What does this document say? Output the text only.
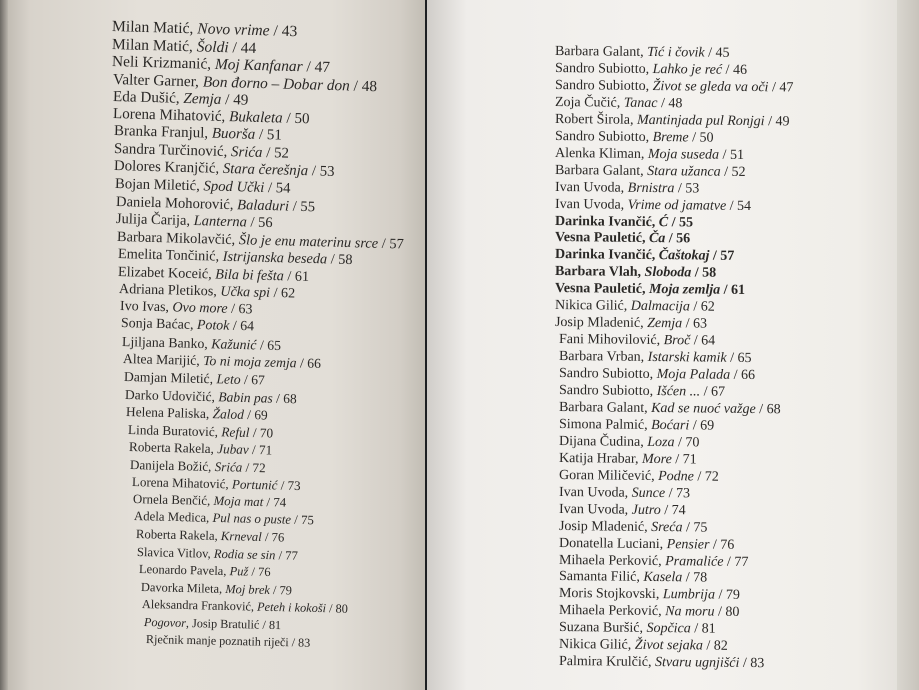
Milan Matić, Novo vrime / 43
Milan Matić, Šoldi / 44
Neli Krizmanić, Moj Kanfanar / 47
Valter Garner, Bon đorno – Dobar don / 48
Eda Dušić, Zemja / 49
Lorena Mihatović, Bukaleta / 50
Branka Franjul, Buorša / 51
Sandra Turčinović, Srića / 52
Dolores Kranjčić, Stara čerešnja / 53
Bojan Miletić, Spod Učki / 54
Daniela Mohorović, Baladuri / 55
Julija Čarija, Lanterna / 56
Barbara Mikolavčić, Šlo je enu materinu srce / 57
Emelita Tončinić, Istrijanska beseda / 58
Elizabet Koceić, Bila bi fešta / 61
Adriana Pletikos, Učka spi / 62
Ivo Ivas, Ovo more / 63
Sonja Baćac, Potok / 64
Ljiljana Banko, Kažunić / 65
Altea Marijić, To ni moja zemja / 66
Damjan Miletić, Leto / 67
Darko Udovičić, Babin pas / 68
Helena Paliska, Žalod / 69
Linda Buratović, Reful / 70
Roberta Rakela, Jubav / 71
Danijela Božić, Srića / 72
Lorena Mihatović, Portunić / 73
Ornela Benčić, Moja mat / 74
Adela Medica, Pul nas o puste / 75
Roberta Rakela, Krneval / 76
Slavica Vitlov, Rodia se sin / 77
Leonardo Pavela, Puž / 76
Davorka Mileta, Moj brek / 79
Aleksandra Franković, Peteh i kokoši / 80
Pogovor, Josip Bratulić / 81
Rječnik manje poznatih riječi / 83
Barbara Galant, Tić i čovik / 45
Sandro Subiotto, Lahko je reć / 46
Sandro Subiotto, Život se gleda va oči / 47
Zoja Čučić, Tanac / 48
Robert Širola, Mantinjada pul Ronjgi / 49
Sandro Subiotto, Breme / 50
Alenka Kliman, Moja suseda / 51
Barbara Galant, Stara užanca / 52
Ivan Uvoda, Brnistra / 53
Ivan Uvoda, Vrime od jamatve / 54
Darinka Ivančić, Ć / 55
Vesna Pauletić, Ča / 56
Darinka Ivančić, Čaštokaj / 57
Barbara Vlah, Sloboda / 58
Vesna Pauletić, Moja zemlja / 61
Nikica Gilić, Dalmacija / 62
Josip Mladenić, Zemja / 63
Fani Mihovilović, Broč / 64
Barbara Vrban, Istarski kamik / 65
Sandro Subiotto, Moja Palada / 66
Sandro Subiotto, Išćen ... / 67
Barbara Galant, Kad se nuoć važge / 68
Simona Palmić, Boćari / 69
Dijana Čudina, Loza / 70
Katija Hrabar, More / 71
Goran Miličević, Podne / 72
Ivan Uvoda, Sunce / 73
Ivan Uvoda, Jutro / 74
Josip Mladenić, Sreća / 75
Donatella Luciani, Pensier / 76
Mihaela Perković, Pramaliće / 77
Samanta Filić, Kasela / 78
Moris Stojkovski, Lumbrija / 79
Mihaela Perković, Na moru / 80
Suzana Buršić, Sopčica / 81
Nikica Gilić, Život sejaka / 82
Palmira Krulčić, Stvaru ugnjišći / 83
